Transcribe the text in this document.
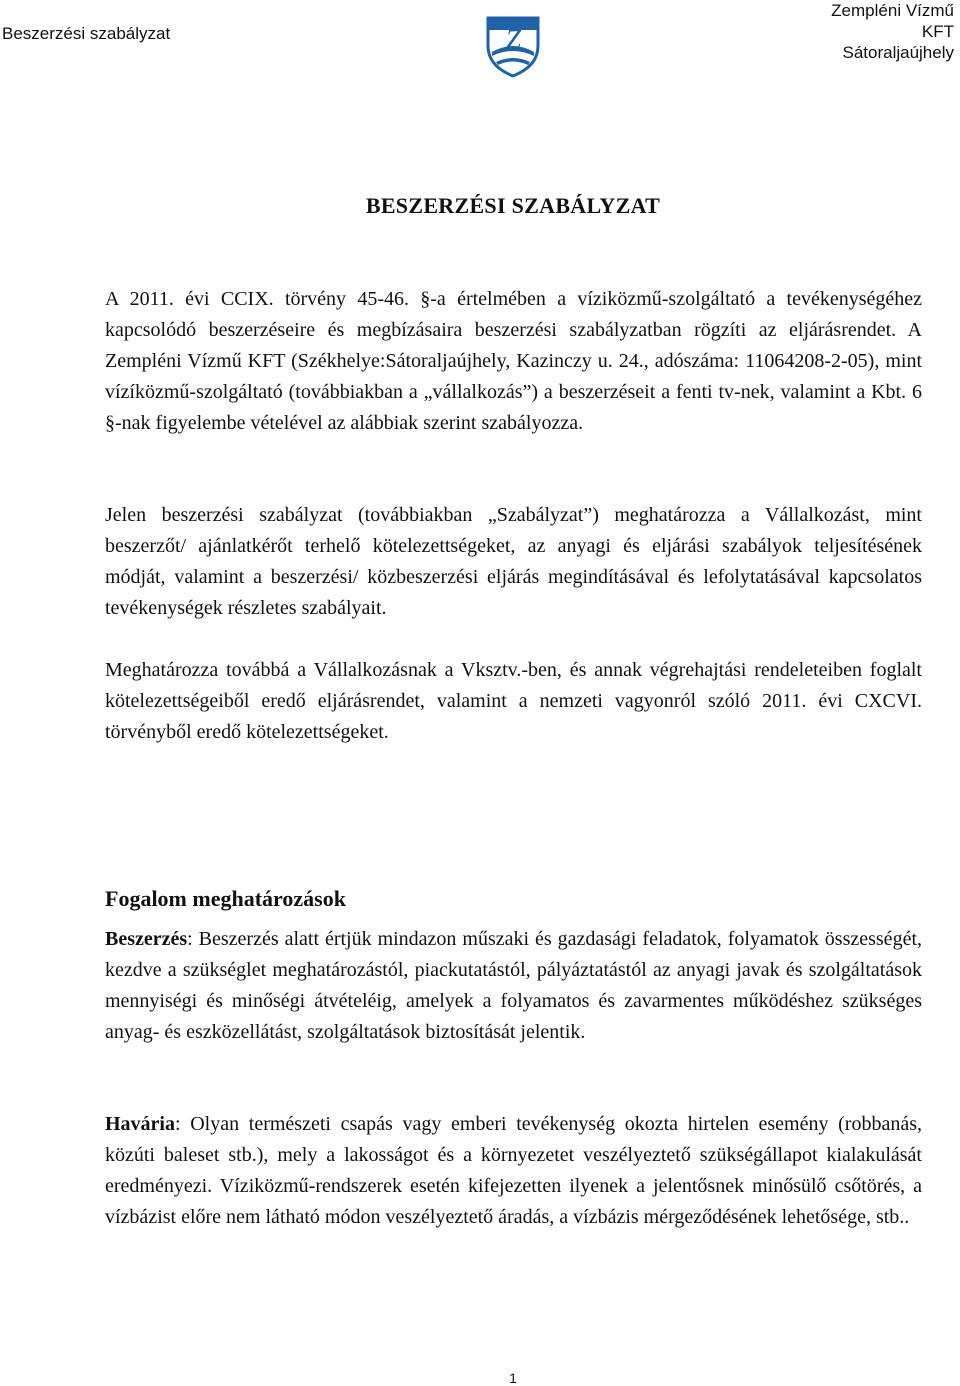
Beszerzési szabályzat	Z
Zempléni Vízmű
KFT
Sátoraljaújhely
BESZERZÉSI SZABÁLYZAT

A 2011. évi CCIX. törvény 45-46. §-a értelmében a víziközmű-szolgáltató a tevékenységéhez kapcsolódó beszerzéseire és megbízásaira beszerzési szabályzatban rögzíti az eljárásrendet. A Zempléni Vízmű KFT (Székhelye:Sátoraljaújhely, Kazinczy u. 24., adószáma: 11064208-2-05), mint vízíközmű-szolgáltató (továbbiakban a „vállalkozás”) a beszerzéseit a fenti tv-nek, valamint a Kbt. 6 §-nak figyelembe vételével az alábbiak szerint szabályozza.

Jelen beszerzési szabályzat (továbbiakban „Szabályzat”) meghatározza a Vállalkozást, mint beszerzőt/ ajánlatkérőt terhelő kötelezettségeket, az anyagi és eljárási szabályok teljesítésének módját, valamint a beszerzési/ közbeszerzési eljárás megindításával és lefolytatásával kapcsolatos tevékenységek részletes szabályait.

Meghatározza továbbá a Vállalkozásnak a Vksztv.-ben, és annak végrehajtási rendeleteiben foglalt kötelezettségeiből eredő eljárásrendet, valamint a nemzeti vagyonról szóló 2011. évi CXCVI. törvényből eredő kötelezettségeket.

Fogalom meghatározások

Beszerzés: Beszerzés alatt értjük mindazon műszaki és gazdasági feladatok, folyamatok összességét, kezdve a szükséglet meghatározástól, piackutatástól, pályáztatástól az anyagi javak és szolgáltatások mennyiségi és minőségi átvételéig, amelyek a folyamatos és zavarmentes működéshez szükséges anyag- és eszközellátást, szolgáltatások biztosítását jelentik.

Havária: Olyan természeti csapás vagy emberi tevékenység okozta hirtelen esemény (robbanás, közúti baleset stb.), mely a lakosságot és a környezetet veszélyeztető szükségállapot kialakulását eredményezi. Víziközmű-rendszerek esetén kifejezetten ilyenek a jelentősnek minősülő csőtörés, a vízbázist előre nem látható módon veszélyeztető áradás, a vízbázis mérgeződésének lehetősége, stb..

1
